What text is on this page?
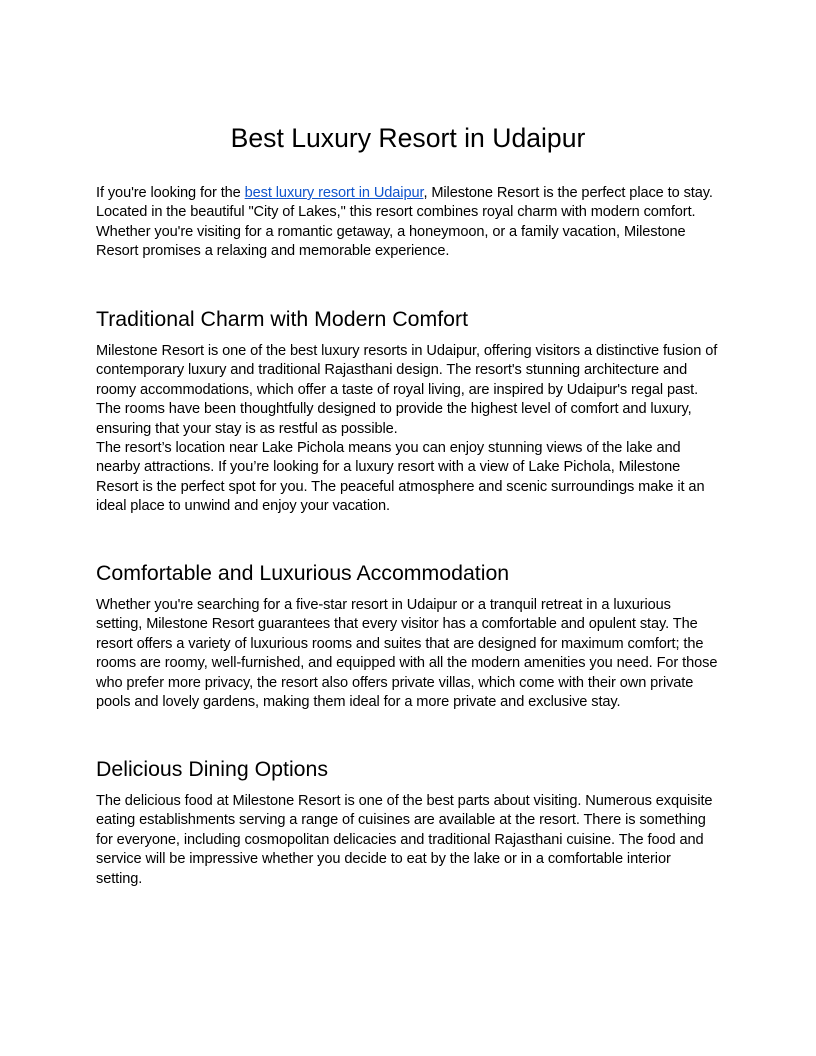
Best Luxury Resort in Udaipur

If you're looking for the best luxury resort in Udaipur, Milestone Resort is the perfect place to stay. Located in the beautiful "City of Lakes," this resort combines royal charm with modern comfort. Whether you're visiting for a romantic getaway, a honeymoon, or a family vacation, Milestone Resort promises a relaxing and memorable experience.

Traditional Charm with Modern Comfort

Milestone Resort is one of the best luxury resorts in Udaipur, offering visitors a distinctive fusion of contemporary luxury and traditional Rajasthani design. The resort's stunning architecture and roomy accommodations, which offer a taste of royal living, are inspired by Udaipur's regal past. The rooms have been thoughtfully designed to provide the highest level of comfort and luxury, ensuring that your stay is as restful as possible.

The resort’s location near Lake Pichola means you can enjoy stunning views of the lake and nearby attractions. If you’re looking for a luxury resort with a view of Lake Pichola, Milestone Resort is the perfect spot for you. The peaceful atmosphere and scenic surroundings make it an ideal place to unwind and enjoy your vacation.

Comfortable and Luxurious Accommodation

Whether you're searching for a five-star resort in Udaipur or a tranquil retreat in a luxurious setting, Milestone Resort guarantees that every visitor has a comfortable and opulent stay. The resort offers a variety of luxurious rooms and suites that are designed for maximum comfort; the rooms are roomy, well-furnished, and equipped with all the modern amenities you need. For those who prefer more privacy, the resort also offers private villas, which come with their own private pools and lovely gardens, making them ideal for a more private and exclusive stay.

Delicious Dining Options

The delicious food at Milestone Resort is one of the best parts about visiting. Numerous exquisite eating establishments serving a range of cuisines are available at the resort. There is something for everyone, including cosmopolitan delicacies and traditional Rajasthani cuisine. The food and service will be impressive whether you decide to eat by the lake or in a comfortable interior setting.
